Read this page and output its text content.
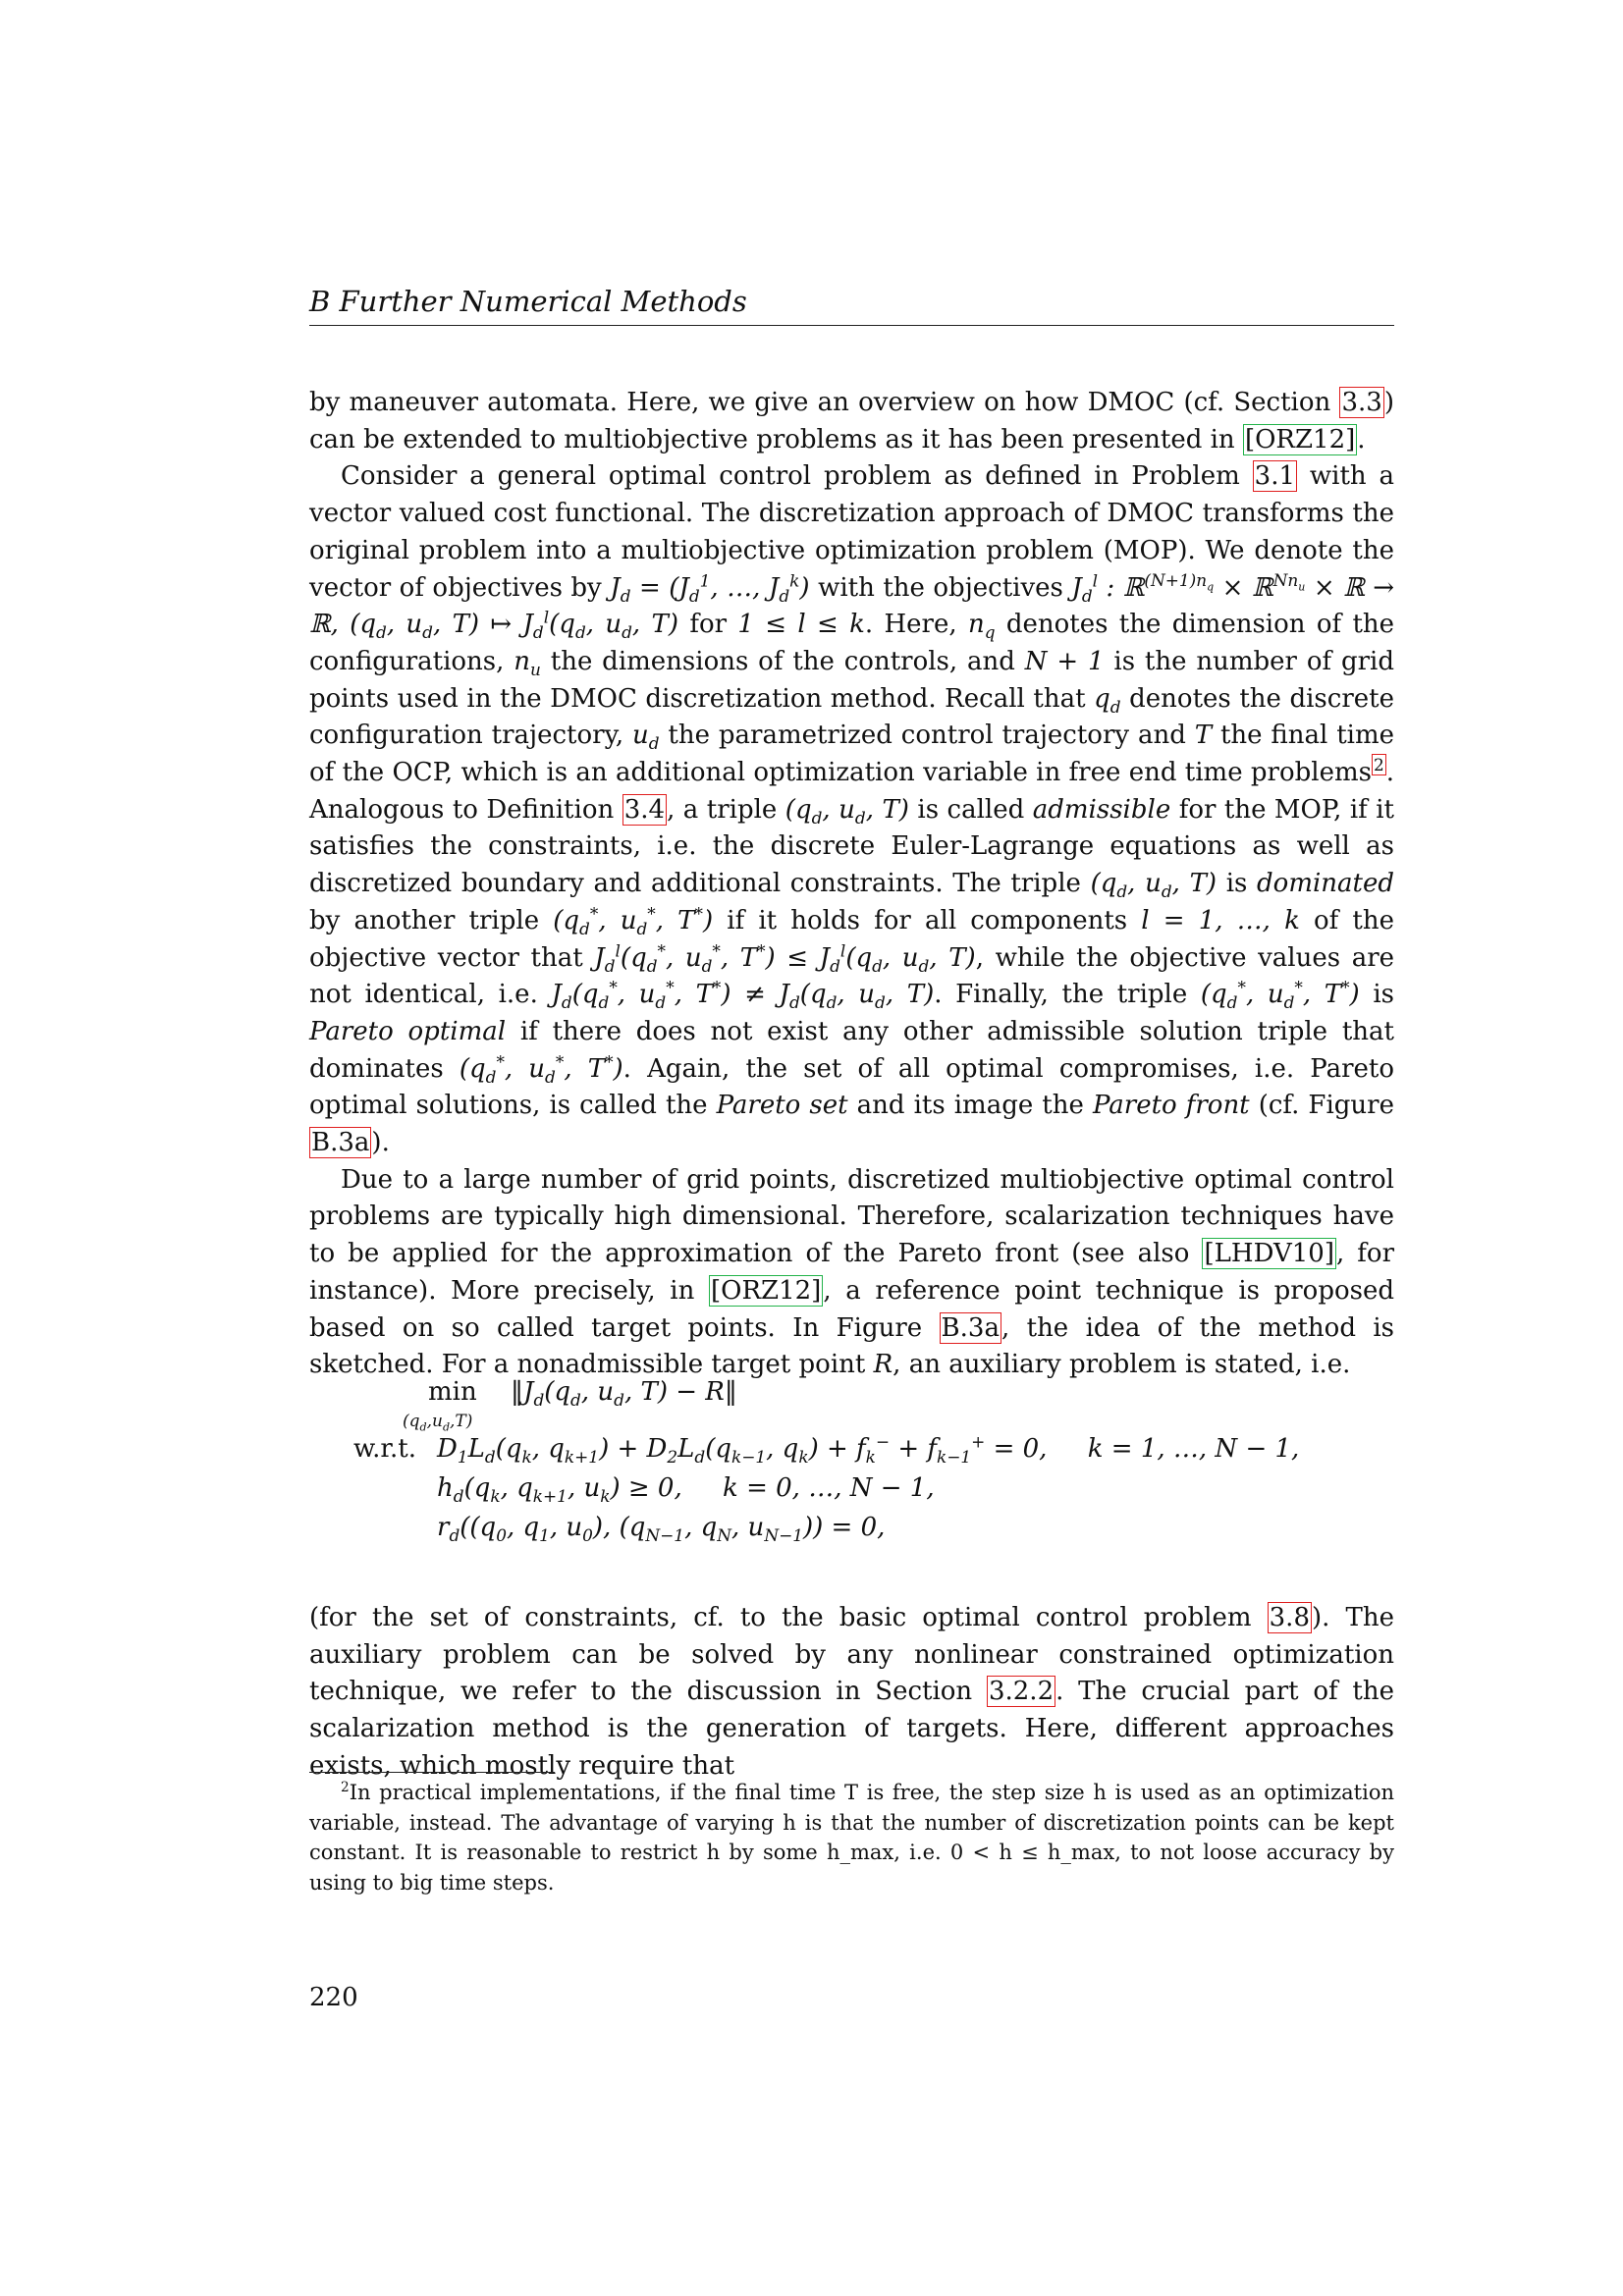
B Further Numerical Methods

by maneuver automata. Here, we give an overview on how DMOC (cf. Section 3.3) can be extended to multiobjective problems as it has been presented in [ORZ12].

Consider a general optimal control problem as defined in Problem 3.1 with a vector valued cost functional. The discretization approach of DMOC transforms the original problem into a multiobjective optimization problem (MOP). We denote the vector of objectives by $J_d = (J_d^1$, …, $J_d^k$) with the objectives $J_d^l$ : ℝ$^{(N+1)n_q}$ × ℝ$^{Nn_u}$ × ℝ → ℝ, ($q_d$, $u_d$, T) ↦ $J_d^l(q_d$, $u_d$, T) for 1 ≤ l ≤ k. Here, $n_q$ denotes the dimension of the configurations, $n_u$ the dimensions of the controls, and N + 1 is the number of grid points used in the DMOC discretization method. Recall that $q_d$ denotes the discrete configuration trajectory, $u_d$ the parametrized control trajectory and T the final time of the OCP, which is an additional optimization variable in free end time problems $^2$. Analogous to Definition 3.4, a triple ($q_d$, $u_d$, T) is called admissible for the MOP, if it satisfies the constraints, i.e. the discrete Euler-Lagrange equations as well as discretized boundary and additional constraints. The triple ($q_d$, $u_d$, T) is dominated by another triple ($q_d^*$, $u_d^*$, T*) if it holds for all components l = 1, …, k of the objective vector that $J_d^l(q_d^*$, $u_d^*$, $T^*) \le J_d^l(q_d$, $u_d$, T), while the objective values are not identical, i.e. $J_d(q_d^*$, $u_d^*$, $T^*) \ne J_d(q_d$, $u_d$, T). Finally, the triple ($q_d^*$, $u_d^*$, T*) is Pareto optimal if there does not exist any other admissible solution triple that dominates ($q_d^*$, $u_d^*$, T*). Again, the set of all optimal compromises, i.e. Pareto optimal solutions, is called the Pareto set and its image the Pareto front (cf. Figure B.3a).

Due to a large number of grid points, discretized multiobjective optimal control problems are typically high dimensional. Therefore, scalarization techniques have to be applied for the approximation of the Pareto front (see also [LHDV10], for instance). More precisely, in [ORZ12], a reference point technique is proposed based on so called target points. In Figure B.3a, the idea of the method is sketched. For a nonadmissible target point R, an auxiliary problem is stated, i.e.

min
$(q_d,u_d,T)$
$‖J_d(q_d$, $u_d$, T) − R‖
w.r.t. $D_1L_d(q_k$, $q_{k+1}) + D_2L_d(q_{k-1}$, $q_k) + f_k^- + f_{k-1}^+ = 0$,     k = 1, …, N − 1,
$h_d(q_k$, $q_{k+1}$, $u_k) \ge 0$,     k = 0, …, N − 1,
$r_d((q_0$, $q_1$, $u_0$), ($q_{N-1}$, $q_N$, $u_{N-1})) = 0$,

(for the set of constraints, cf. to the basic optimal control problem 3.8). The auxiliary problem can be solved by any nonlinear constrained optimization technique, we refer to the discussion in Section 3.2.2. The crucial part of the scalarization method is the generation of targets. Here, different approaches exists, which mostly require that

$^2$In practical implementations, if the final time T is free, the step size h is used as an optimization variable, instead. The advantage of varying h is that the number of discretization points can be kept constant. It is reasonable to restrict h by some h_max, i.e. 0 < h ≤ h_max, to not loose accuracy by using to big time steps.

220
